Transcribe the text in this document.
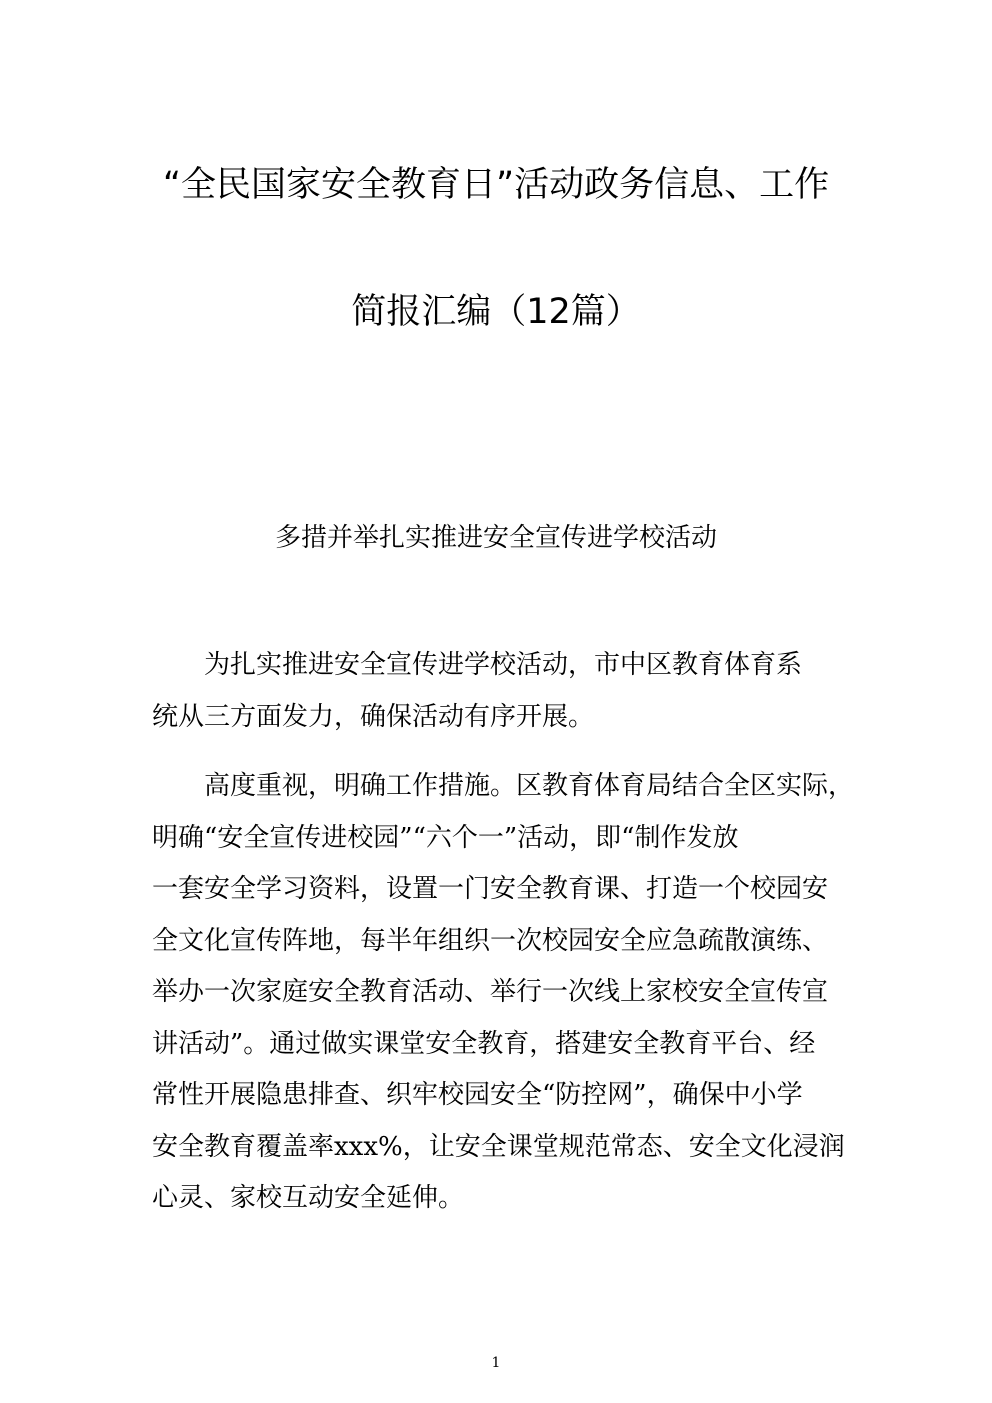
“全民国家安全教育日”活动政务信息、工作
简报汇编（12篇）
多措并举扎实推进安全宣传进学校活动

为扎实推进安全宣传进学校活动，市中区教育体育系
统从三方面发力，确保活动有序开展。

高度重视，明确工作措施。区教育体育局结合全区实际，
明确“安全宣传进校园”“六个一”活动，即“制作发放
一套安全学习资料，设置一门安全教育课、打造一个校园安
全文化宣传阵地，每半年组织一次校园安全应急疏散演练、
举办一次家庭安全教育活动、举行一次线上家校安全宣传宣
讲活动”。通过做实课堂安全教育，搭建安全教育平台、经
常性开展隐患排查、织牢校园安全“防控网”，确保中小学
安全教育覆盖率xxx%，让安全课堂规范常态、安全文化浸润
心灵、家校互动安全延伸。

1
